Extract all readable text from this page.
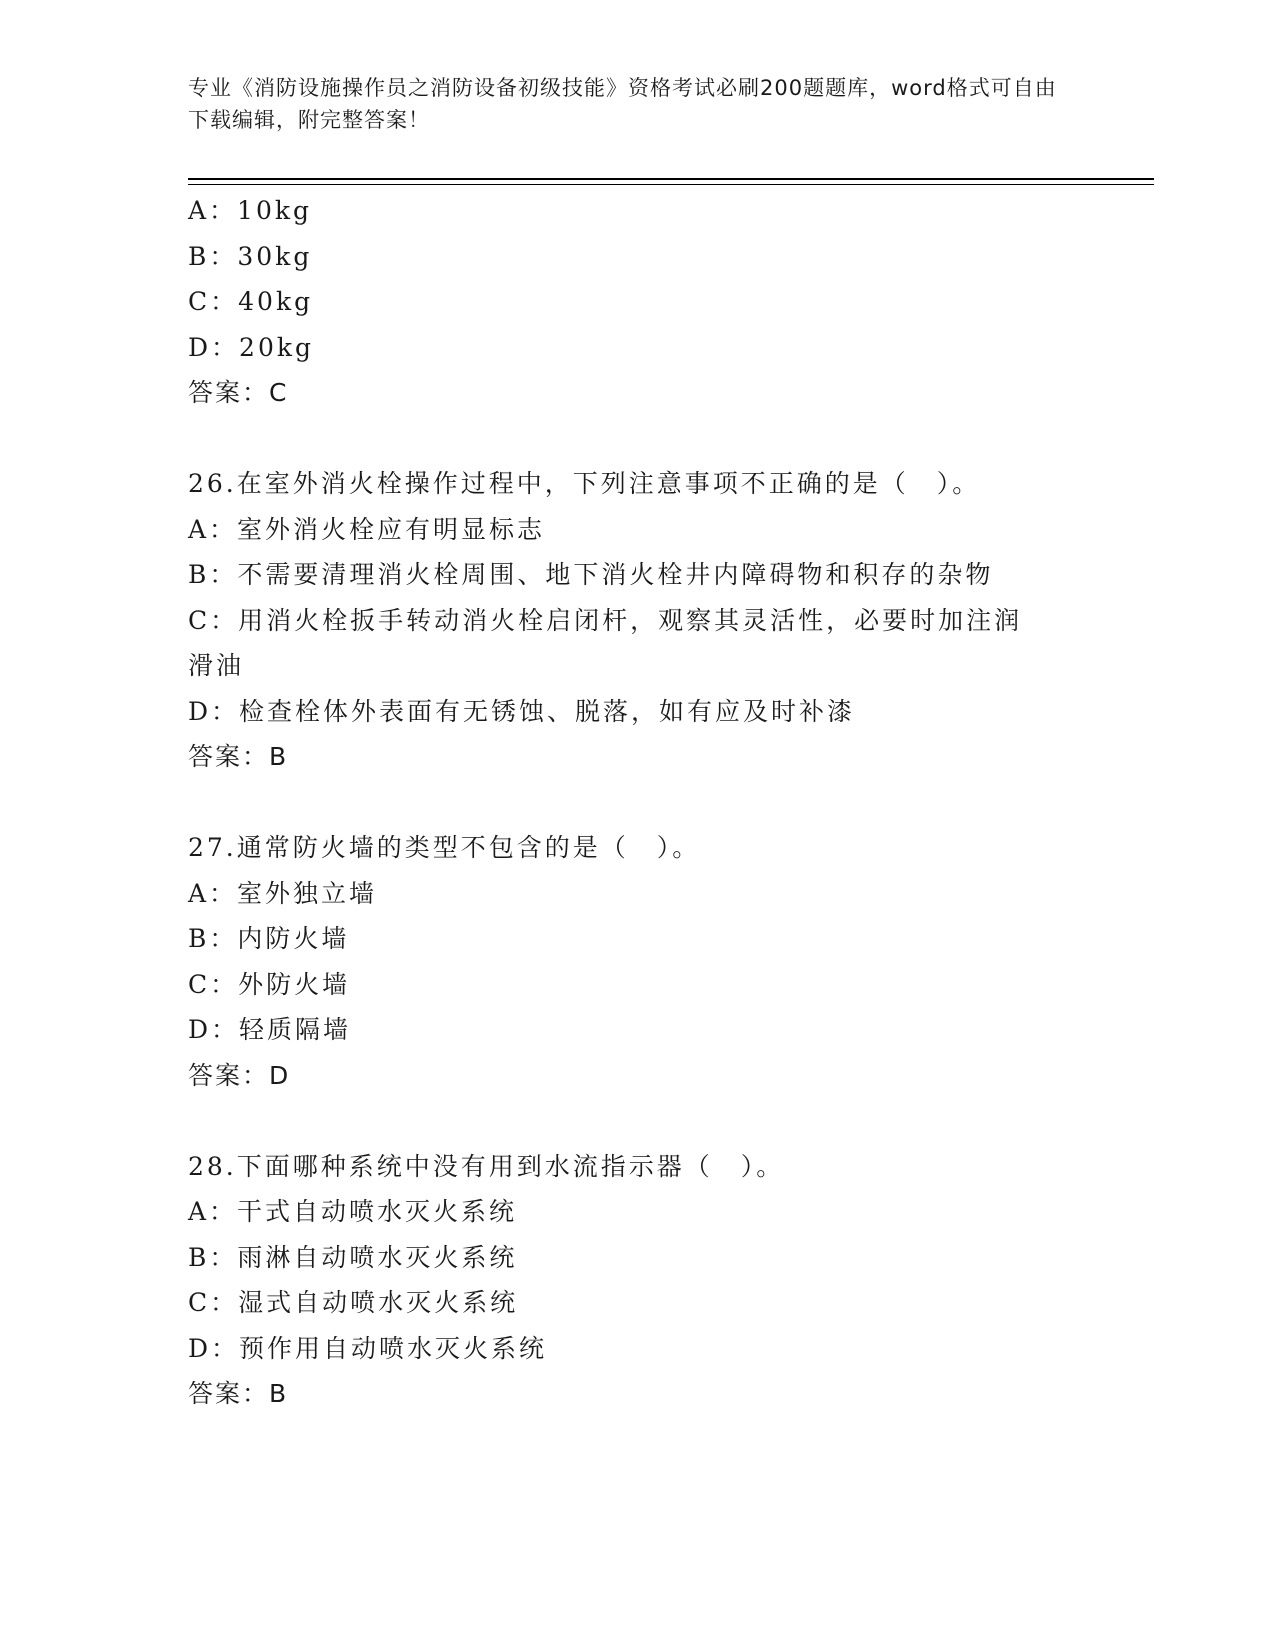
专业《消防设施操作员之消防设备初级技能》资格考试必刷200题题库，word格式可自由下载编辑，附完整答案！
A：10kg
B：30kg
C：40kg
D：20kg
答案：C
26.在室外消火栓操作过程中，下列注意事项不正确的是（　）。
A：室外消火栓应有明显标志
B：不需要清理消火栓周围、地下消火栓井内障碍物和积存的杂物
C：用消火栓扳手转动消火栓启闭杆，观察其灵活性，必要时加注润滑油
D：检查栓体外表面有无锈蚀、脱落，如有应及时补漆
答案：B
27.通常防火墙的类型不包含的是（　）。
A：室外独立墙
B：内防火墙
C：外防火墙
D：轻质隔墙
答案：D
28.下面哪种系统中没有用到水流指示器（　）。
A：干式自动喷水灭火系统
B：雨淋自动喷水灭火系统
C：湿式自动喷水灭火系统
D：预作用自动喷水灭火系统
答案：B
